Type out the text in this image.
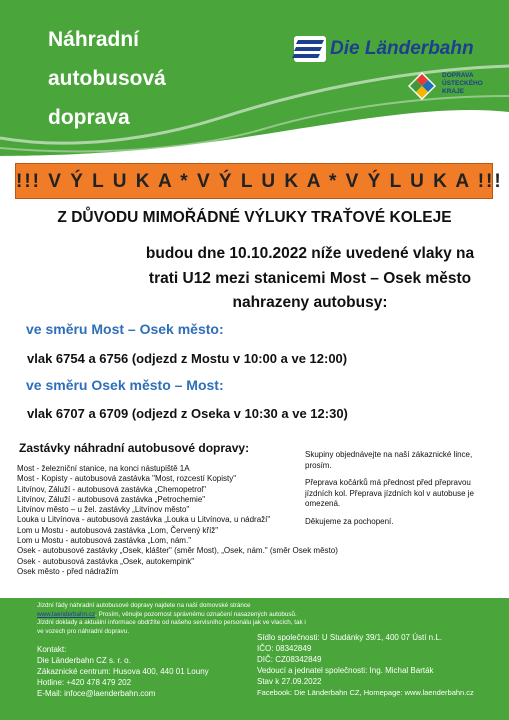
Náhradní
autobusová
doprava
Die Länderbahn
DOPRAVA
ÚSTECKÉHO
KRAJE
!!! V Ý L U K A * V Ý L U K A * V Ý L U K A !!!
Z DŮVODU MIMOŘÁDNÉ VÝLUKY TRAŤOVÉ KOLEJE
budou dne 10.10.2022 níže uvedené vlaky na
trati U12 mezi stanicemi Most – Osek město
nahrazeny autobusy:
ve směru Most – Osek město:
vlak 6754 a 6756 (odjezd z Mostu v 10:00 a ve 12:00)
ve směru Osek město – Most:
vlak 6707 a 6709 (odjezd z Oseka v 10:30 a ve 12:30)
Zastávky náhradní autobusové dopravy:
Most - železniční stanice, na konci nástupiště 1A
Most - Kopisty - autobusová zastávka "Most, rozcestí Kopisty"
Litvínov, Záluží - autobusová zastávka „Chemopetrol"
Litvínov, Záluží - autobusová zastávka „Petrochemie"
Litvínov město – u žel. zastávky „Litvínov město"
Louka u Litvínova - autobusová zastávka „Louka u Litvínova, u nádraží"
Lom u Mostu - autobusová zastávka „Lom, Červený kříž"
Lom u Mostu - autobusová zastávka „Lom, nám."
Osek - autobusové zastávky „Osek, klášter" (směr Most), „Osek, nám." (směr Osek město)
Osek - autobusová zastávka „Osek, autokempink"
Osek město - před nádražím

Skupiny objednávejte na naší zákaznické lince, prosím.

Přeprava kočárků má přednost před přepravou jízdních kol. Přeprava jízdních kol v autobuse je omezená.

Děkujeme za pochopení.

Jízdní řády náhradní autobusové dopravy najdete na naší domovské stránce www.laenderbahn.cz. Prosím, věnujte pozornost správnému označení nasazených autobusů. Jízdní doklady a aktuální informace obdržíte od našeho servisního personálu jak ve vlacích, tak i ve vozech pro náhradní dopravu.
Kontakt:
Die Länderbahn CZ s. r. o.
Zákaznické centrum: Husova 400, 440 01 Louny
Hotline: +420 478 479 202
E-Mail: infoce@laenderbahn.com
Sídlo společnosti: U Studánky 39/1, 400 07 Ústí n.L.
IČO: 08342849
DIČ: CZ08342849
Vedoucí a jednatel společnosti: Ing. Michal Barták
Stav k 27.09.2022
Facebook: Die Länderbahn CZ, Homepage: www.laenderbahn.cz
